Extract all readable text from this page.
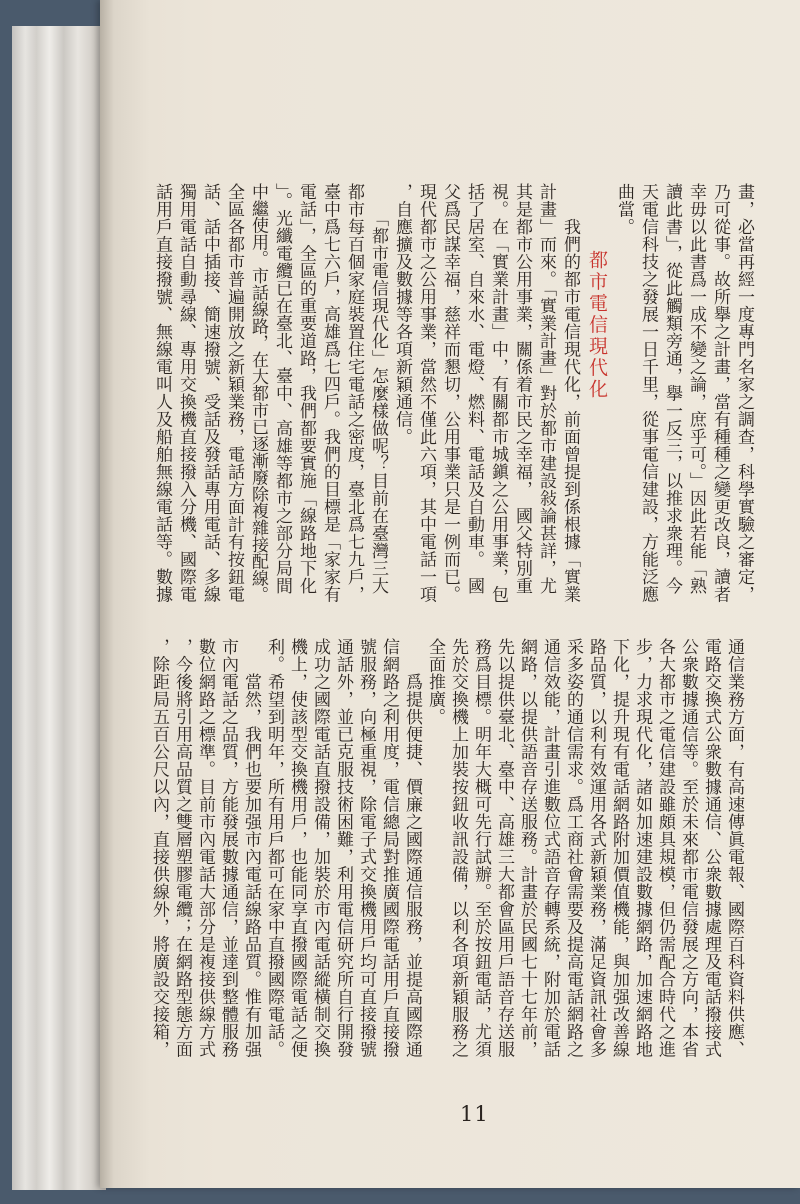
畫，必當再經一度專門名家之調查，科學實驗之審定，
乃可從事。故所擧之計畫，當有種種之變更改良，讀者
幸毋以此書爲一成不變之論，庶乎可。」因此若能「熟
讀此書」，從此觸類旁通，擧一反三，以推求衆理。今
天電信科技之發展一日千里，從事電信建設，方能泛應
曲當。
都市電信現代化
　　我們的都市電信現代化，前面曾提到係根據「實業
計畫」而來。「實業計畫」對於都市建設敍論甚詳，尤
其是都市公用事業，關係着市民之幸福，　國父特別重
視。在「實業計畫」中，有關都市城鎭之公用事業，包
括了居室、自來水、電燈、燃料、電話及自動車。　國
父爲民謀幸福，慈祥而懇切，公用事業只是一例而已。
現代都市之公用事業，當然不僅此六項，其中電話一項
，自應擴及數據等各項新穎通信。
　　「都市電信現代化」怎麼樣做呢？目前在臺灣三大
都市每百個家庭裝置住宅電話之密度，臺北爲七九戶，
臺中爲七六戶，高雄爲七四戶。我們的目標是「家家有
電話」，全區的重要道路，我們都要實施「線路地下化
」。光纖電纜已在臺北、臺中、高雄等都市之部分局間
中繼使用。市話線路，在大都市已逐漸廢除複雜接配線。
全區各都市普遍開放之新穎業務，電話方面計有按鈕電
話、話中插接、簡速撥號、受話及發話專用電話、多線
獨用電話自動尋線、專用交換機直接撥入分機、國際電
話用戶直接撥號、無線電叫人及船舶無線電話等。數據
通信業務方面，有高速傳眞電報、國際百科資料供應、
電路交換式公衆數據通信、公衆數據處理及電話撥接式
公衆數據通信等。至於未來都市電信發展之方向，本省
各大都市之電信建設雖頗具規模，但仍需配合時代之進
步，力求現代化，諸如加速建設數據網路，加速網路地
下化，提升現有電話網路附加價值機能，與加强改善線
路品質，以利有效運用各式新穎業務，滿足資訊社會多
采多姿的通信需求。爲工商社會需要及提高電話網路之
通信效能，計畫引進數位式語音存轉系統，附加於電話
網路，以提供語音存送服務。計畫於民國七十七年前，
先以提供臺北、臺中、高雄三大都會區用戶語音存送服
務爲目標。明年大概可先行試辦。至於按鈕電話，尤須
先於交換機上加裝按鈕收訊設備，以利各項新穎服務之
全面推廣。
　　爲提供便捷、價廉之國際通信服務，並提高國際通
信網路之利用度，電信總局對推廣國際電話用戶直接撥
號服務，向極重視，除電子式交換機用戶均可直接撥號
通話外，並已克服技術困難，利用電信研究所自行開發
成功之國際電話直撥設備，加裝於市內電話縱橫制交換
機上，使該型交換機用戶，也能同享直撥國際電話之便
利。希望到明年，所有用戶都可在家中直撥國際電話。
　　當然，我們也要加强市內電話線路品質。惟有加强
市內電話之品質，方能發展數據通信，並達到整體服務
數位網路之標準。目前市內電話大部分是複接供線方式
，今後將引用高品質之雙層塑膠電纜；在網路型態方面
，除距局五百公尺以內，直接供線外，將廣設交接箱，
11
